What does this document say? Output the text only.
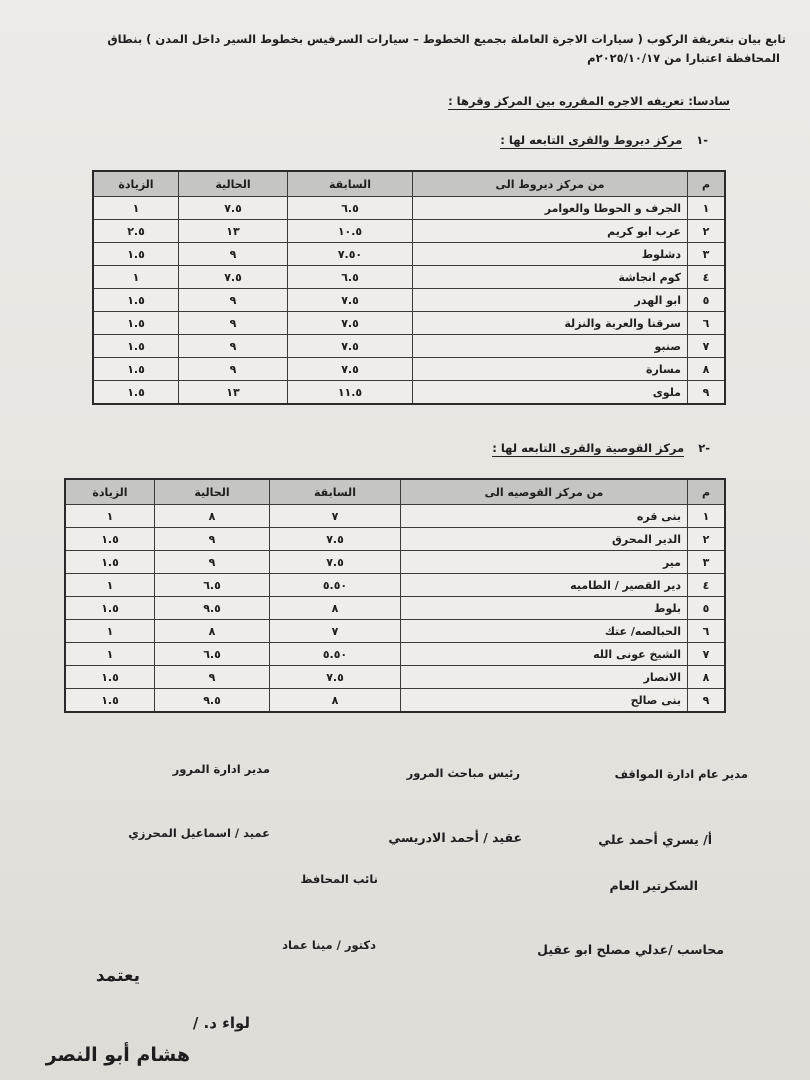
تابع بيان بتعريفة الركوب ( سيارات الاجرة العاملة بجميع الخطوط – سيارات السرفيس بخطوط السير داخل المدن ) بنطاق
المحافظة اعتبارا من ٢٠٢٥/١٠/١٧م
سادسا: تعريفه الاجره المقرره بين المركز وقرها :
-١ مركز ديروط والقرى التابعه لها :
م	من مركز ديروط الى	السابقة	الحالية	الزيادة
١	الجرف و الحوطا والعوامر	٦.٥	٧.٥	١
٢	عرب ابو كريم	١٠.٥	١٣	٢.٥
٣	دشلوط	٧.٥٠	٩	١.٥
٤	كوم انجاشة	٦.٥	٧.٥	١
٥	ابو الهدر	٧.٥	٩	١.٥
٦	سرقنا والعربة والنزلة	٧.٥	٩	١.٥
٧	صنبو	٧.٥	٩	١.٥
٨	مسارة	٧.٥	٩	١.٥
٩	ملوى	١١.٥	١٣	١.٥
-٢ مركز القوصية والقرى التابعه لها :
م	من مركز القوصيه الى	السابقة	الحالية	الزيادة
١	بنى قره	٧	٨	١
٢	الدير المحرق	٧.٥	٩	١.٥
٣	مير	٧.٥	٩	١.٥
٤	دير القصير / الطاميه	٥.٥٠	٦.٥	١
٥	بلوط	٨	٩.٥	١.٥
٦	الحبالصه/ عتك	٧	٨	١
٧	الشيخ عونى الله	٥.٥٠	٦.٥	١
٨	الانصار	٧.٥	٩	١.٥
٩	بنى صالح	٨	٩.٥	١.٥
مدير عام ادارة المواقف
رئيس مباحث المرور
مدير ادارة المرور
أ/ يسري أحمد علي
عقيد / أحمد الادريسي
عميد / اسماعيل المحرزي
السكرتير العام
نائب المحافظ
محاسب /عدلي مصلح ابو عقيل
دكتور / مينا عماد
يعتمد
لواء د. /
هشام أبو النصر
